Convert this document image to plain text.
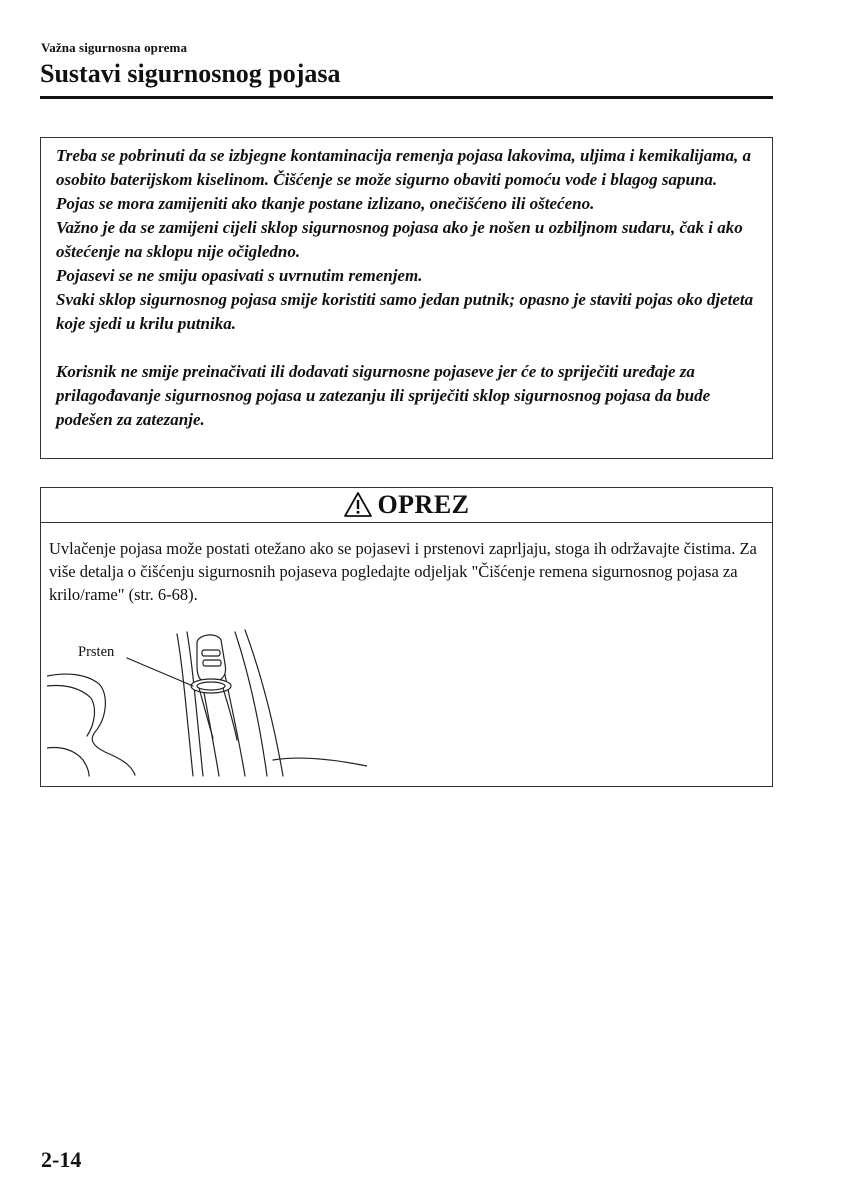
Važna sigurnosna oprema
Sustavi sigurnosnog pojasa

Treba se pobrinuti da se izbjegne kontaminacija remenja pojasa lakovima, uljima i kemikalijama, a osobito baterijskom kiselinom. Čišćenje se može sigurno obaviti pomoću vode i blagog sapuna. Pojas se mora zamijeniti ako tkanje postane izlizano, onečišćeno ili oštećeno.

Važno je da se zamijeni cijeli sklop sigurnosnog pojasa ako je nošen u ozbiljnom sudaru, čak i ako oštećenje na sklopu nije očigledno.

Pojasevi se ne smiju opasivati s uvrnutim remenjem.

Svaki sklop sigurnosnog pojasa smije koristiti samo jedan putnik; opasno je staviti pojas oko djeteta koje sjedi u krilu putnika.

Korisnik ne smije preinačivati ili dodavati sigurnosne pojaseve jer će to spriječiti uređaje za prilagođavanje sigurnosnog pojasa u zatezanju ili spriječiti sklop sigurnosnog pojasa da bude podešen za zatezanje.

OPREZ

Uvlačenje pojasa može postati otežano ako se pojasevi i prstenovi zaprljaju, stoga ih održavajte čistima. Za više detalja o čišćenju sigurnosnih pojaseva pogledajte odjeljak "Čišćenje remena sigurnosnog pojasa za krilo/rame" (str. 6-68).

Prsten
2-14
